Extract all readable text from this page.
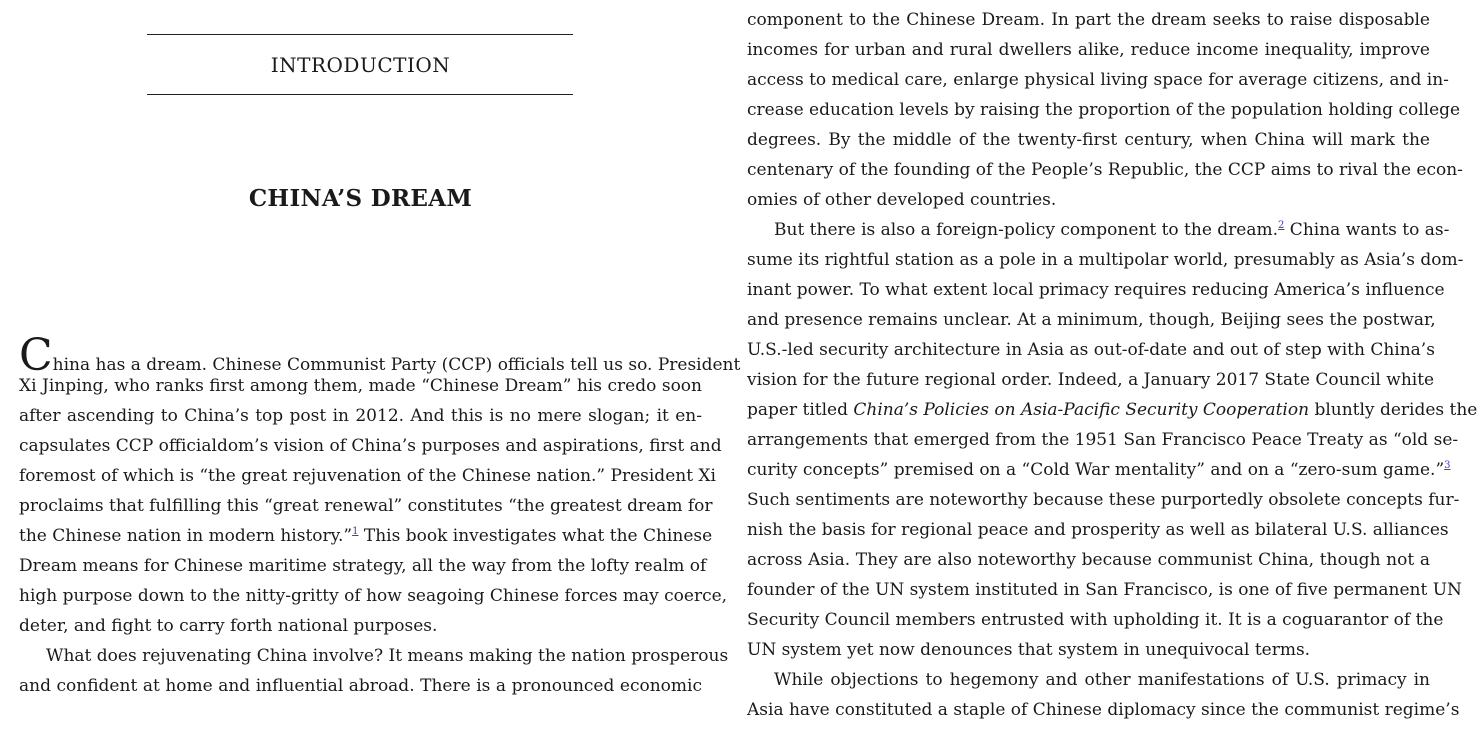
INTRODUCTION
CHINA’S DREAM
China has a dream. Chinese Communist Party (CCP) officials tell us so. President
Xi Jinping, who ranks first among them, made “Chinese Dream” his credo soon
after ascending to China’s top post in 2012. And this is no mere slogan; it en-
capsulates CCP officialdom’s vision of China’s purposes and aspirations, first and
foremost of which is “the great rejuvenation of the Chinese nation.” President Xi
proclaims that fulfilling this “great renewal” constitutes “the greatest dream for
the Chinese nation in modern history.”$^1$ This book investigates what the Chinese
Dream means for Chinese maritime strategy, all the way from the lofty realm of
high purpose down to the nitty-gritty of how seagoing Chinese forces may coerce,
deter, and fight to carry forth national purposes.
What does rejuvenating China involve? It means making the nation prosperous
and confident at home and influential abroad. There is a pronounced economic
component to the Chinese Dream. In part the dream seeks to raise disposable
incomes for urban and rural dwellers alike, reduce income inequality, improve
access to medical care, enlarge physical living space for average citizens, and in-
crease education levels by raising the proportion of the population holding college
degrees. By the middle of the twenty-first century, when China will mark the
centenary of the founding of the People’s Republic, the CCP aims to rival the econ-
omies of other developed countries.
But there is also a foreign-policy component to the dream.$^2$ China wants to as-
sume its rightful station as a pole in a multipolar world, presumably as Asia’s dom-
inant power. To what extent local primacy requires reducing America’s influence
and presence remains unclear. At a minimum, though, Beijing sees the postwar,
U.S.-led security architecture in Asia as out-of-date and out of step with China’s
vision for the future regional order. Indeed, a January 2017 State Council white
paper titled China’s Policies on Asia-Pacific Security Cooperation bluntly derides the
arrangements that emerged from the 1951 San Francisco Peace Treaty as “old se-
curity concepts” premised on a “Cold War mentality” and on a “zero-sum game.”$^3$
Such sentiments are noteworthy because these purportedly obsolete concepts fur-
nish the basis for regional peace and prosperity as well as bilateral U.S. alliances
across Asia. They are also noteworthy because communist China, though not a
founder of the UN system instituted in San Francisco, is one of five permanent UN
Security Council members entrusted with upholding it. It is a coguarantor of the
UN system yet now denounces that system in unequivocal terms.
While objections to hegemony and other manifestations of U.S. primacy in
Asia have constituted a staple of Chinese diplomacy since the communist regime’s
